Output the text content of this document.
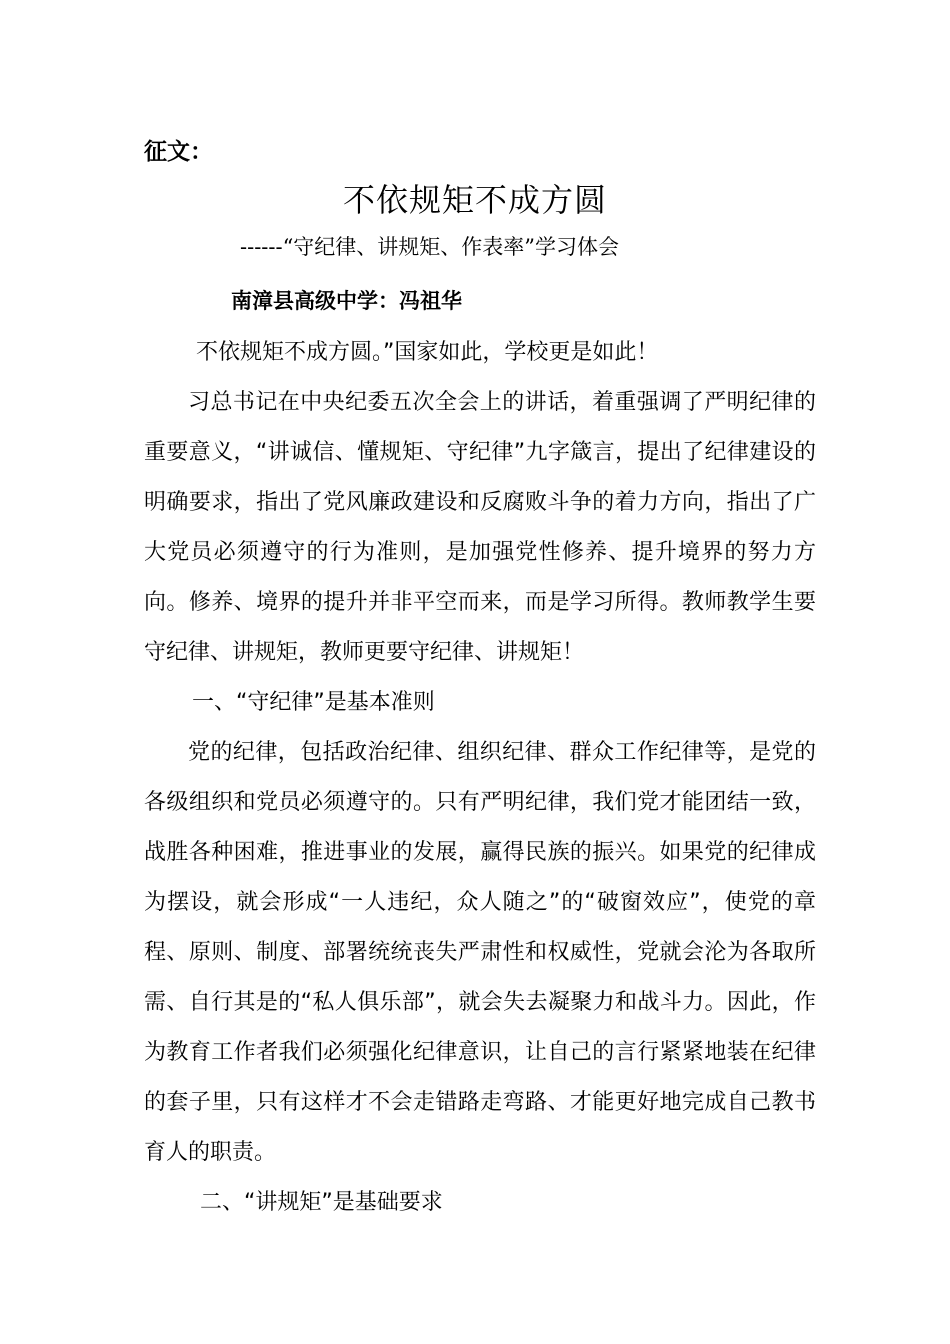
征文：
不依规矩不成方圆
------“守纪律、讲规矩、作表率”学习体会
南漳县高级中学：冯祖华

不依规矩不成方圆。”国家如此，学校更是如此！

习总书记在中央纪委五次全会上的讲话，着重强调了严明纪律的重要意义，“讲诚信、懂规矩、守纪律”九字箴言，提出了纪律建设的明确要求，指出了党风廉政建设和反腐败斗争的着力方向，指出了广大党员必须遵守的行为准则，是加强党性修养、提升境界的努力方向。修养、境界的提升并非平空而来，而是学习所得。教师教学生要守纪律、讲规矩，教师更要守纪律、讲规矩！

一、“守纪律”是基本准则

党的纪律，包括政治纪律、组织纪律、群众工作纪律等，是党的各级组织和党员必须遵守的。只有严明纪律，我们党才能团结一致，战胜各种困难，推进事业的发展，赢得民族的振兴。如果党的纪律成为摆设，就会形成“一人违纪，众人随之”的“破窗效应”，使党的章程、原则、制度、部署统统丧失严肃性和权威性，党就会沦为各取所需、自行其是的“私人俱乐部”，就会失去凝聚力和战斗力。因此，作为教育工作者我们必须强化纪律意识，让自己的言行紧紧地装在纪律的套子里，只有这样才不会走错路走弯路、才能更好地完成自己教书育人的职责。

二、“讲规矩”是基础要求
